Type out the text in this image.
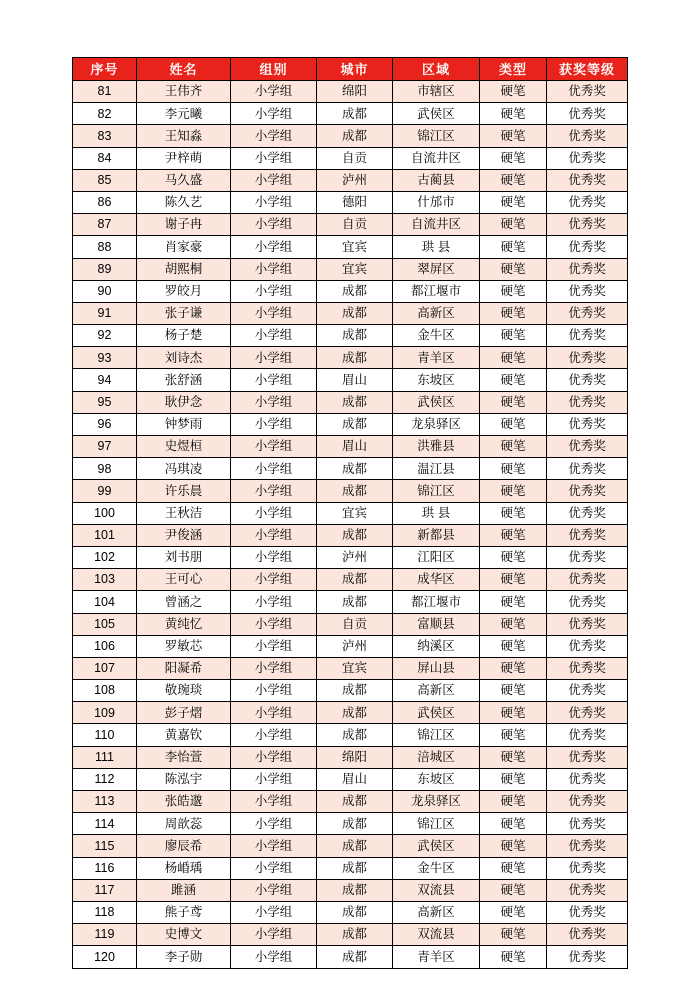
序号	姓名	组别	城市	区域	类型	获奖等级
81	王伟齐	小学组	绵阳	市辖区	硬笔	优秀奖
82	李元曦	小学组	成都	武侯区	硬笔	优秀奖
83	王知淼	小学组	成都	锦江区	硬笔	优秀奖
84	尹梓萌	小学组	自贡	自流井区	硬笔	优秀奖
85	马久盛	小学组	泸州	古蔺县	硬笔	优秀奖
86	陈久艺	小学组	德阳	什邡市	硬笔	优秀奖
87	谢子冉	小学组	自贡	自流井区	硬笔	优秀奖
88	肖家豪	小学组	宜宾	珙 县	硬笔	优秀奖
89	胡熙桐	小学组	宜宾	翠屏区	硬笔	优秀奖
90	罗皎月	小学组	成都	都江堰市	硬笔	优秀奖
91	张子谦	小学组	成都	高新区	硬笔	优秀奖
92	杨子楚	小学组	成都	金牛区	硬笔	优秀奖
93	刘诗杰	小学组	成都	青羊区	硬笔	优秀奖
94	张舒涵	小学组	眉山	东坡区	硬笔	优秀奖
95	耿伊念	小学组	成都	武侯区	硬笔	优秀奖
96	钟梦雨	小学组	成都	龙泉驿区	硬笔	优秀奖
97	史煜桓	小学组	眉山	洪雅县	硬笔	优秀奖
98	冯琪凌	小学组	成都	温江县	硬笔	优秀奖
99	许乐晨	小学组	成都	锦江区	硬笔	优秀奖
100	王秋洁	小学组	宜宾	珙 县	硬笔	优秀奖
101	尹俊涵	小学组	成都	新都县	硬笔	优秀奖
102	刘书朋	小学组	泸州	江阳区	硬笔	优秀奖
103	王可心	小学组	成都	成华区	硬笔	优秀奖
104	曾涵之	小学组	成都	都江堰市	硬笔	优秀奖
105	黄纯忆	小学组	自贡	富顺县	硬笔	优秀奖
106	罗敏芯	小学组	泸州	纳溪区	硬笔	优秀奖
107	阳凝希	小学组	宜宾	屏山县	硬笔	优秀奖
108	敬琬琰	小学组	成都	高新区	硬笔	优秀奖
109	彭子熠	小学组	成都	武侯区	硬笔	优秀奖
110	黄嘉钦	小学组	成都	锦江区	硬笔	优秀奖
111	李怡萱	小学组	绵阳	涪城区	硬笔	优秀奖
112	陈泓宇	小学组	眉山	东坡区	硬笔	优秀奖
113	张皓邈	小学组	成都	龙泉驿区	硬笔	优秀奖
114	周歆蕊	小学组	成都	锦江区	硬笔	优秀奖
115	廖辰希	小学组	成都	武侯区	硬笔	优秀奖
116	杨崏瑀	小学组	成都	金牛区	硬笔	优秀奖
117	雎涵	小学组	成都	双流县	硬笔	优秀奖
118	熊子鸢	小学组	成都	高新区	硬笔	优秀奖
119	史博文	小学组	成都	双流县	硬笔	优秀奖
120	李子勋	小学组	成都	青羊区	硬笔	优秀奖
